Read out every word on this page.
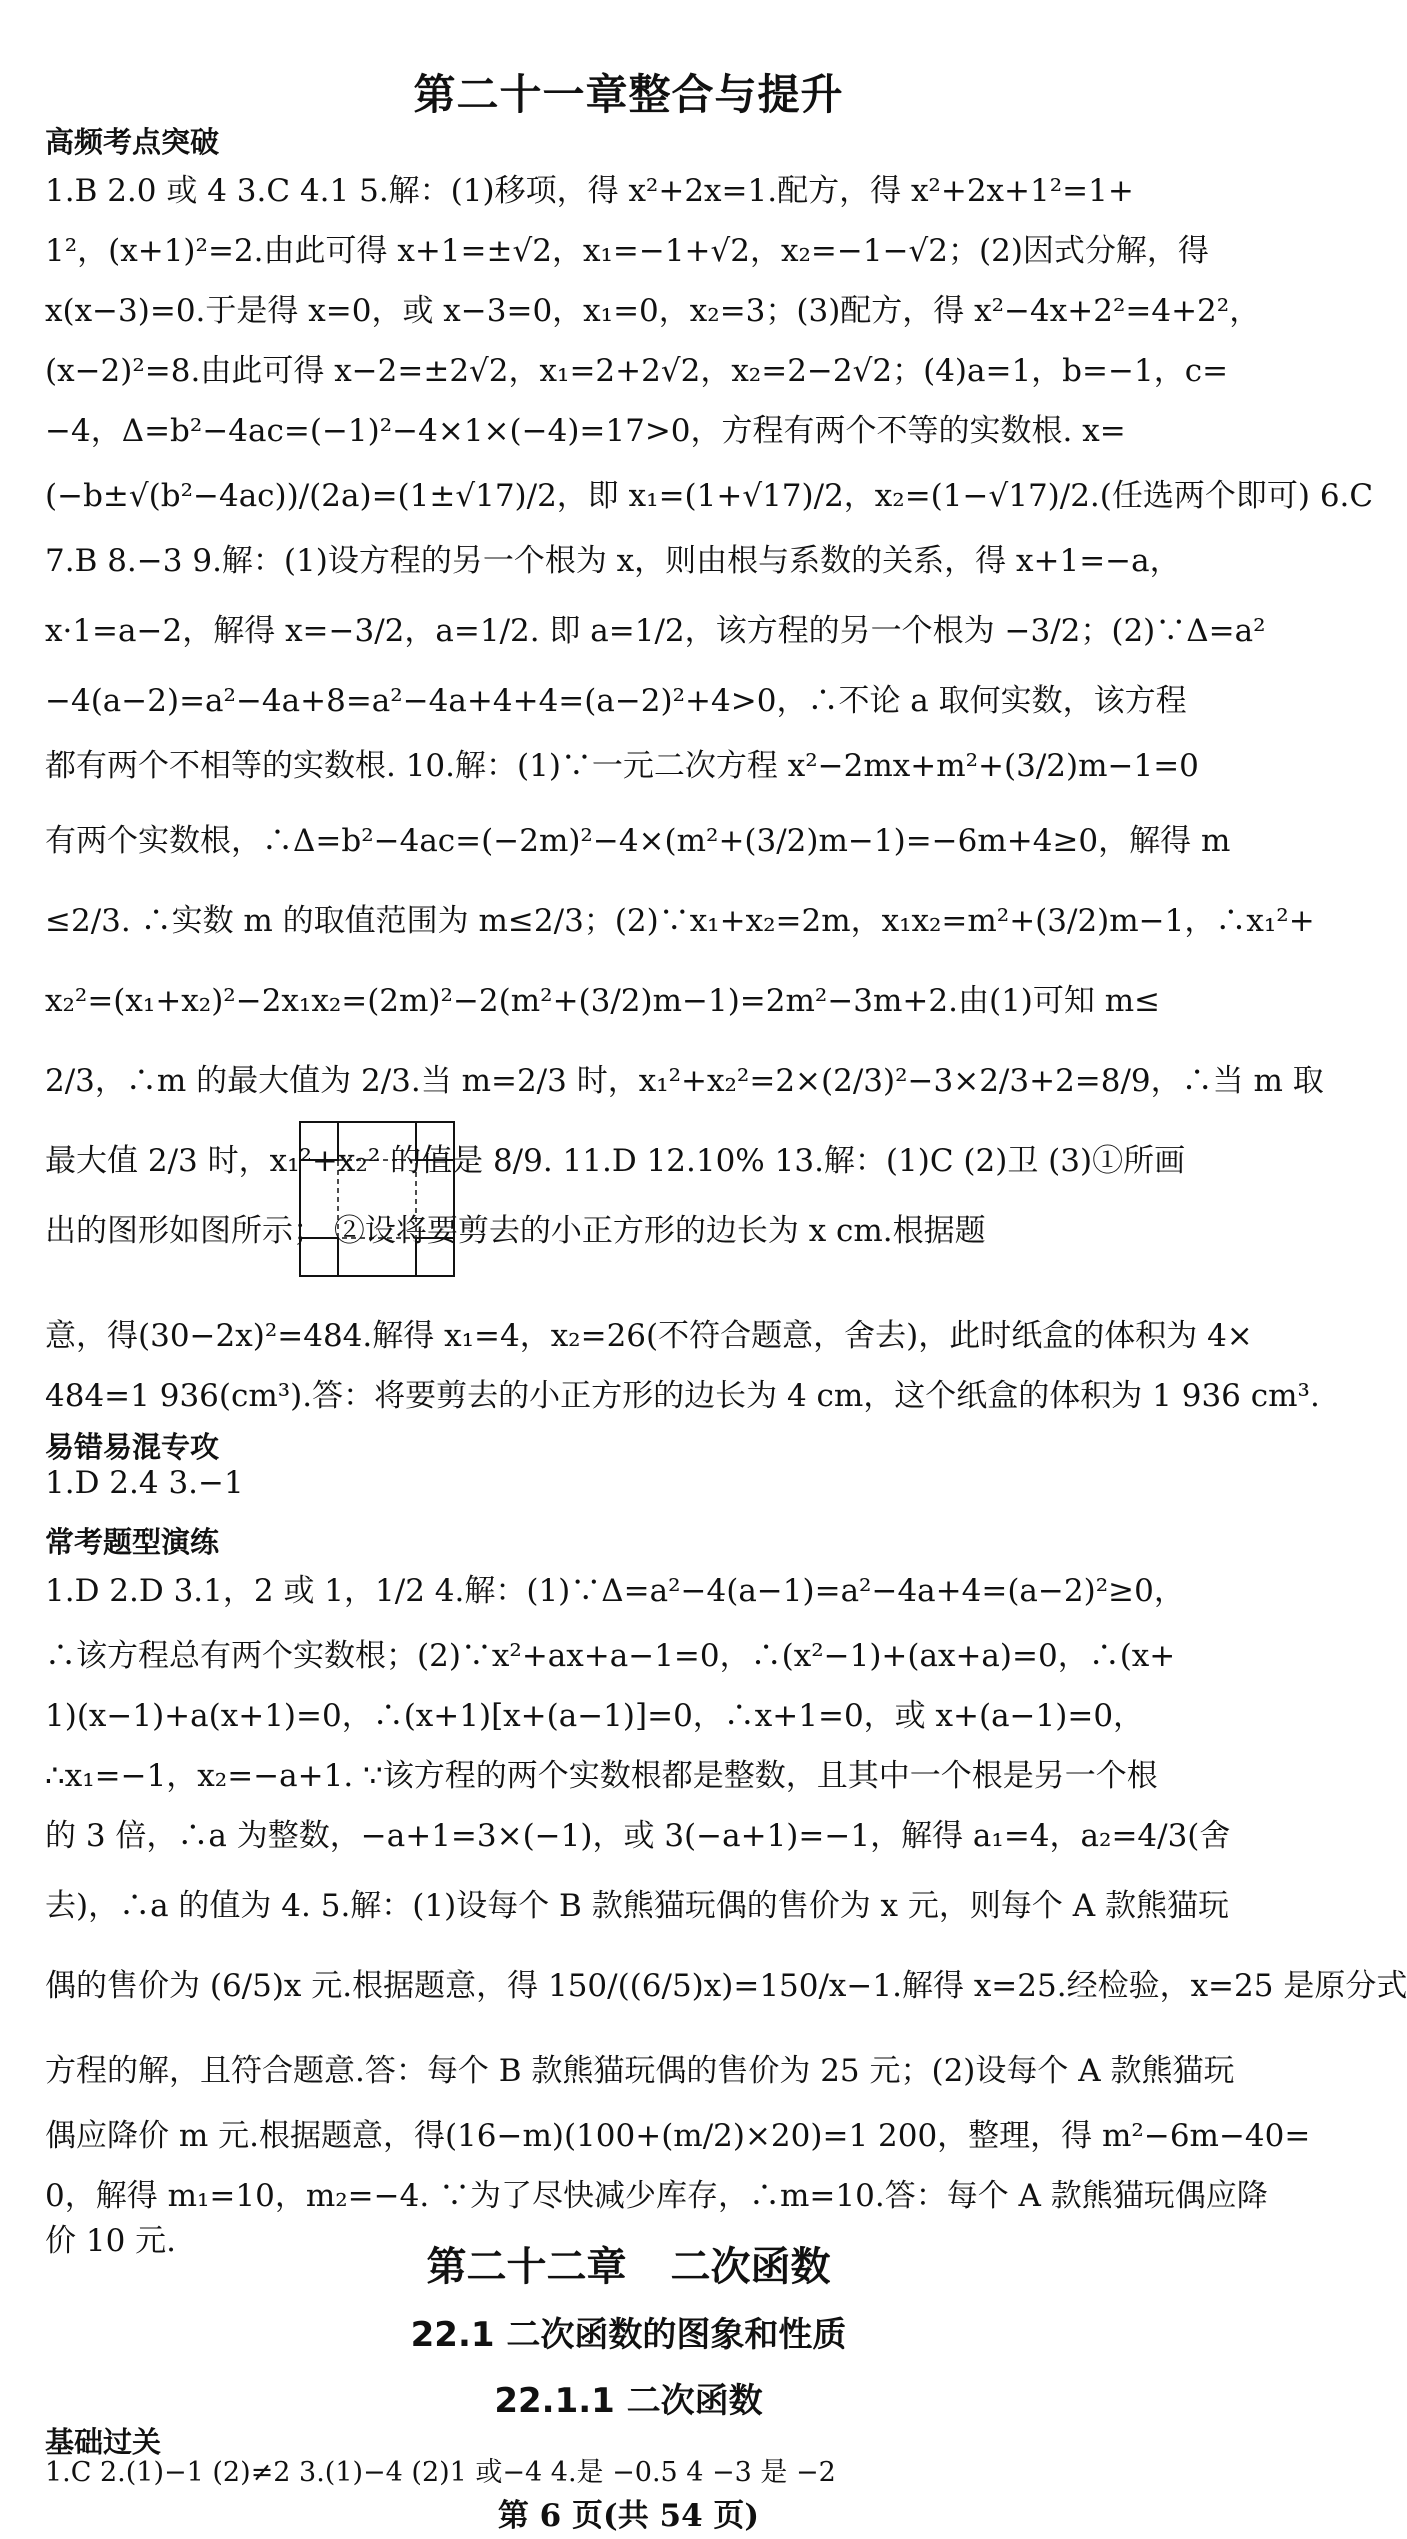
第二十一章整合与提升
高频考点突破
1.B 2.0 或 4 3.C 4.1 5.解：(1)移项，得 x²+2x=1.配方，得 x²+2x+1²=1+
1²，(x+1)²=2.由此可得 x+1=±√2，x₁=−1+√2，x₂=−1−√2；(2)因式分解，得
x(x−3)=0.于是得 x=0，或 x−3=0，x₁=0，x₂=3；(3)配方，得 x²−4x+2²=4+2²，
(x−2)²=8.由此可得 x−2=±2√2，x₁=2+2√2，x₂=2−2√2；(4)a=1，b=−1，c=
−4，Δ=b²−4ac=(−1)²−4×1×(−4)=17>0，方程有两个不等的实数根. x=
(−b±√(b²−4ac))/(2a)=(1±√17)/2，即 x₁=(1+√17)/2，x₂=(1−√17)/2.(任选两个即可) 6.C
7.B 8.−3 9.解：(1)设方程的另一个根为 x，则由根与系数的关系，得 x+1=−a，
x·1=a−2，解得 x=−3/2，a=1/2. 即 a=1/2，该方程的另一个根为 −3/2；(2)∵Δ=a²
−4(a−2)=a²−4a+8=a²−4a+4+4=(a−2)²+4>0，∴不论 a 取何实数，该方程
都有两个不相等的实数根. 10.解：(1)∵一元二次方程 x²−2mx+m²+(3/2)m−1=0
有两个实数根，∴Δ=b²−4ac=(−2m)²−4×(m²+(3/2)m−1)=−6m+4≥0，解得 m
≤2/3. ∴实数 m 的取值范围为 m≤2/3；(2)∵x₁+x₂=2m，x₁x₂=m²+(3/2)m−1，∴x₁²+
x₂²=(x₁+x₂)²−2x₁x₂=(2m)²−2(m²+(3/2)m−1)=2m²−3m+2.由(1)可知 m≤
2/3，∴m 的最大值为 2/3.当 m=2/3 时，x₁²+x₂²=2×(2/3)²−3×2/3+2=8/9，∴当 m 取
最大值 2/3 时，x₁²+x₂² 的值是 8/9. 11.D 12.10% 13.解：(1)C (2)卫 (3)①所画
出的图形如图所示； ②设将要剪去的小正方形的边长为 x cm.根据题
意，得(30−2x)²=484.解得 x₁=4，x₂=26(不符合题意，舍去)，此时纸盒的体积为 4×
484=1 936(cm³).答：将要剪去的小正方形的边长为 4 cm，这个纸盒的体积为 1 936 cm³.
易错易混专攻
1.D 2.4 3.−1
常考题型演练
1.D 2.D 3.1，2 或 1，1/2 4.解：(1)∵Δ=a²−4(a−1)=a²−4a+4=(a−2)²≥0，
∴该方程总有两个实数根；(2)∵x²+ax+a−1=0，∴(x²−1)+(ax+a)=0，∴(x+
1)(x−1)+a(x+1)=0，∴(x+1)[x+(a−1)]=0，∴x+1=0，或 x+(a−1)=0，
∴x₁=−1，x₂=−a+1. ∵该方程的两个实数根都是整数，且其中一个根是另一个根
的 3 倍，∴a 为整数，−a+1=3×(−1)，或 3(−a+1)=−1，解得 a₁=4，a₂=4/3(舍
去)，∴a 的值为 4. 5.解：(1)设每个 B 款熊猫玩偶的售价为 x 元，则每个 A 款熊猫玩
偶的售价为 (6/5)x 元.根据题意，得 150/((6/5)x)=150/x−1.解得 x=25.经检验，x=25 是原分式
方程的解，且符合题意.答：每个 B 款熊猫玩偶的售价为 25 元；(2)设每个 A 款熊猫玩
偶应降价 m 元.根据题意，得(16−m)(100+(m/2)×20)=1 200，整理，得 m²−6m−40=
0，解得 m₁=10，m₂=−4. ∵为了尽快减少库存，∴m=10.答：每个 A 款熊猫玩偶应降
价 10 元.
第二十二章 二次函数
22.1 二次函数的图象和性质
22.1.1 二次函数
基础过关
1.C 2.(1)−1 (2)≠2 3.(1)−4 (2)1 或−4 4.是 −0.5 4 −3 是 −2
第 6 页(共 54 页)
